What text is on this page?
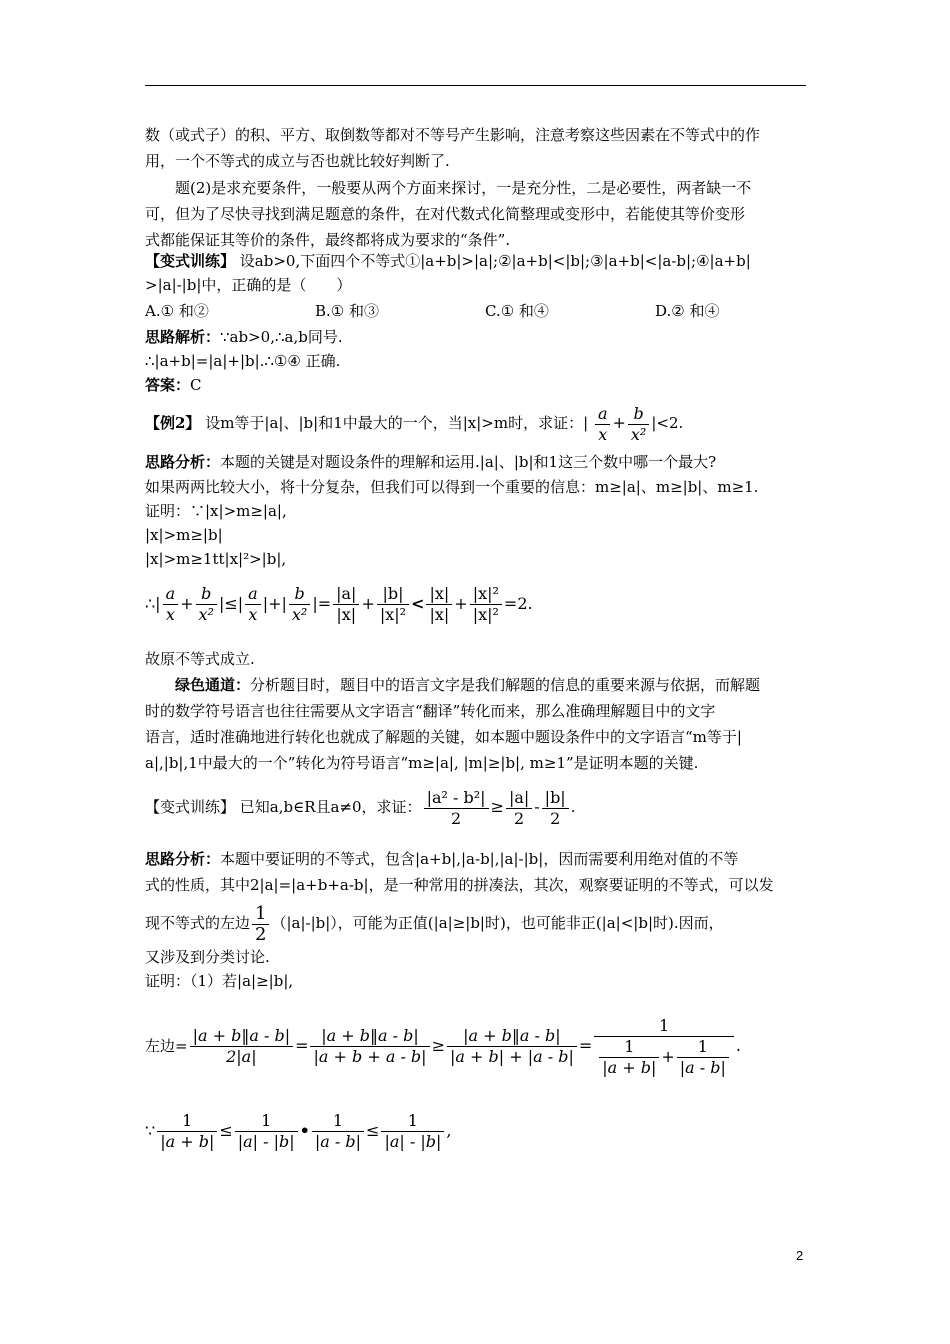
数（或式子）的积、平方、取倒数等都对不等号产生影响，注意考察这些因素在不等式中的作
用，一个不等式的成立与否也就比较好判断了.
题(2)是求充要条件，一般要从两个方面来探讨，一是充分性，二是必要性，两者缺一不
可，但为了尽快寻找到满足题意的条件，在对代数式化简整理或变形中，若能使其等价变形
式都能保证其等价的条件，最终都将成为要求的“条件”.
【变式训练】 设ab>0,下面四个不等式①|a+b|>|a|;②|a+b|<|b|;③|a+b|<|a-b|;④|a+b|
>|a|-|b|中，正确的是（　　）
A.① 和②	B.① 和③	C.① 和④	D.② 和④
思路解析：∵ab>0,∴a,b同号.
∴|a+b|=|a|+|b|.∴①④ 正确.
答案：C
【例2】 设m等于|a|、|b|和1中最大的一个，当|x|>m时，求证：| $\frac{a}{x} + \frac{b}{\text{x²}} |<2$.
思路分析：本题的关键是对题设条件的理解和运用.|a|、|b|和1这三个数中哪一个最大?
如果两两比较大小，将十分复杂，但我们可以得到一个重要的信息：m≥|a|、m≥|b|、m≥1.
证明：∵|x|>m≥|a|,
|x|>m≥|b|
|x|>m≥1tt|x|²>|b|,
∴| $\frac{a}{x} + \frac{b}{\text{x²}}$ |≤| $\frac{a}{x}$ |+| $\frac{b}{\text{x²}}$ |= $\frac{|a|}{|x|} + \frac{|b|}{\text{|x|²}} < \frac{|x|}{|x|} + \frac{\text{|x|²}}{\text{|x|²}} =2$.
故原不等式成立.
绿色通道：分析题目时，题目中的语言文字是我们解题的信息的重要来源与依据，而解题
时的数学符号语言也往往需要从文字语言“翻译”转化而来，那么准确理解题目中的文字
语言，适时准确地进行转化也就成了解题的关键，如本题中题设条件中的文字语言“m等于|
a|,|b|,1中最大的一个”转化为符号语言“m≥|a|, |m|≥|b|, m≥1”是证明本题的关键.
【变式训练】 已知a,b∈R且a≠0，求证： $\frac{\text{|a² - b²|}}{2} \ge \frac{|a|}{2} - \frac{|b|}{2}$ .
思路分析：本题中要证明的不等式，包含|a+b|,|a-b|,|a|-|b|，因而需要利用绝对值的不等
式的性质，其中2|a|=|a+b+a-b|，是一种常用的拼凑法，其次，观察要证明的不等式，可以发
现不等式的左边 $\frac{1}{2} (|a|-|b|)$，可能为正值(|a|≥|b|时)，也可能非正(|a|<|b|时).因而，
又涉及到分类讨论.
证明：（1）若|a|≥|b|,
左边= $\frac{|a + b‖a - b|}{2|a|} = \frac{|a + b‖a - b|}{|a + b + a - b|} \ge \frac{|a + b‖a - b|}{|a + b| + |a - b|} = \frac{1}{\frac{1}{|a + b|} + \frac{1}{|a - b|}}$ .
∵ $\frac{1}{|a + b|} \le \frac{1}{|a| - |b|}$ • $\frac{1}{|a - b|} \le \frac{1}{|a| - |b|}$ ,
2
